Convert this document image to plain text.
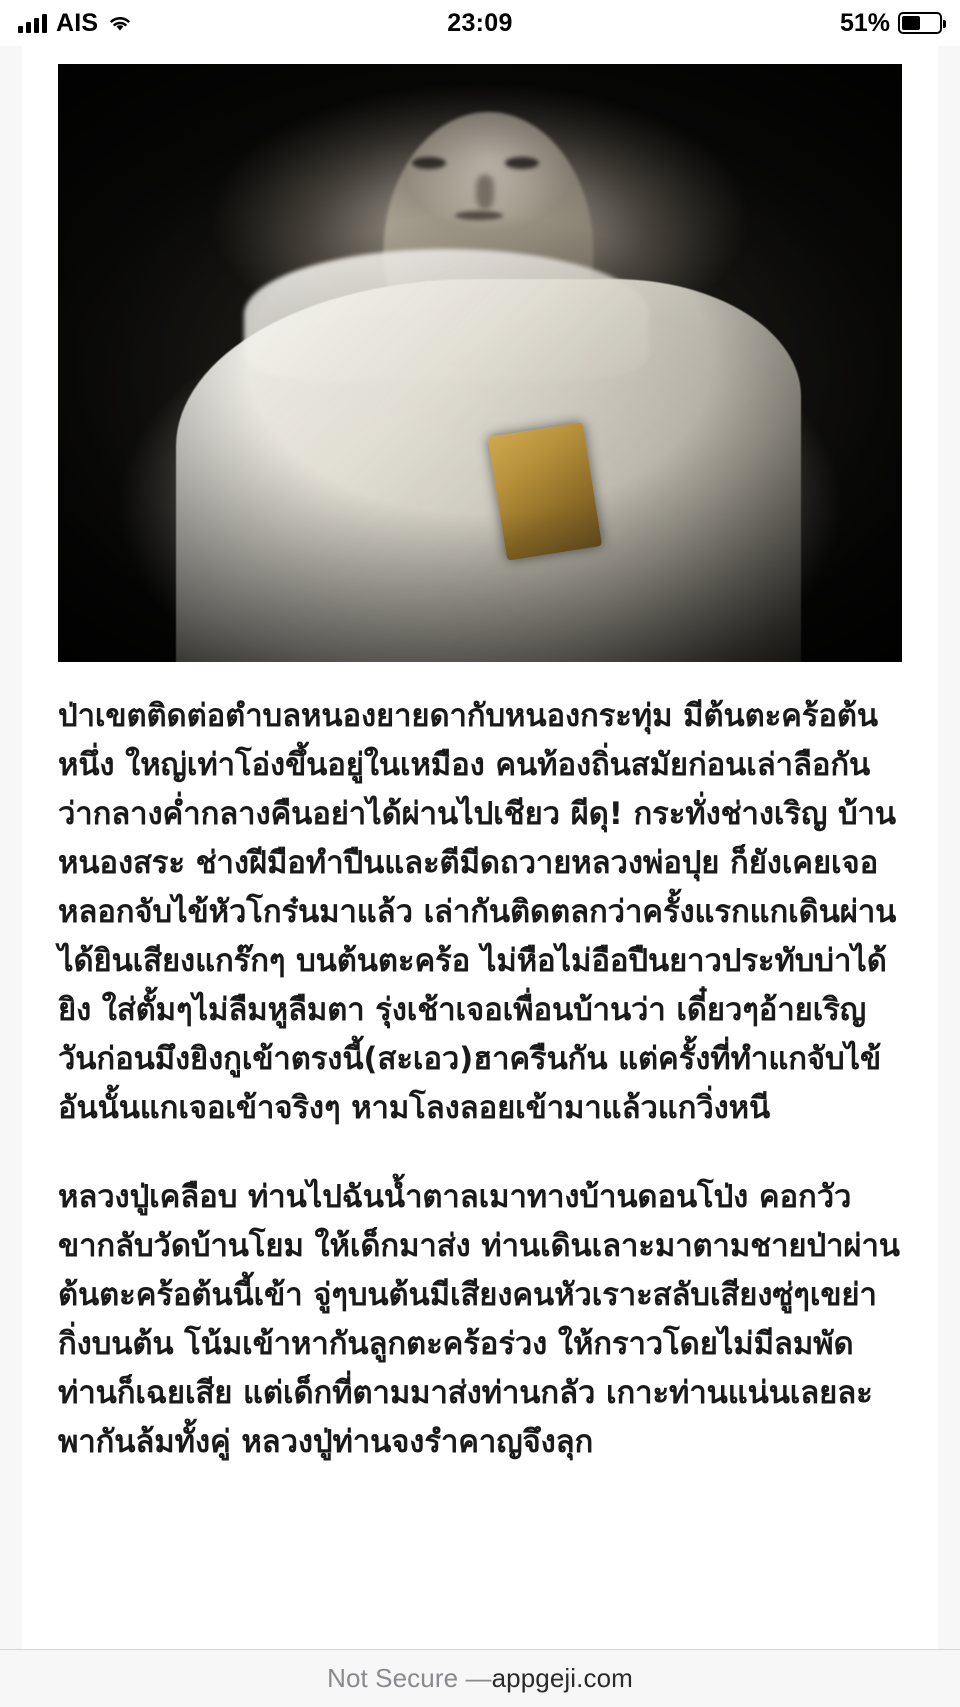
AIS	23:09	51%

ป่าเขตติดต่อตำบลหนองยายดากับหนองกระทุ่ม มีต้นตะคร้อต้นหนึ่ง ใหญ่เท่าโอ่งขึ้นอยู่ในเหมือง คนท้องถิ่นสมัยก่อนเล่าลือกันว่ากลางค่ำกลางคืนอย่าได้ผ่านไปเชียว ผีดุ! กระทั่งช่างเริญ บ้านหนองสระ ช่างฝีมือทำปืนและตีมีดถวายหลวงพ่อปุย ก็ยังเคยเจอหลอกจับไข้หัวโกร๋นมาแล้ว เล่ากันติดตลกว่าครั้งแรกแกเดินผ่านได้ยินเสียงแกร๊กๆ บนต้นตะคร้อ ไม่หือไม่อือปืนยาวประทับบ่าได้ยิง ใส่ตั้มๆไม่ลืมหูลืมตา รุ่งเช้าเจอเพื่อนบ้านว่า เดี๋ยวๆอ้ายเริญ วันก่อนมึงยิงกูเข้าตรงนี้(สะเอว)ฮาครืนกัน แต่ครั้งที่ทำแกจับไข้ อันนั้นแกเจอเข้าจริงๆ หามโลงลอยเข้ามาแล้วแกวิ่งหนี

หลวงปู่เคลือบ ท่านไปฉันน้ำตาลเมาทางบ้านดอนโป่ง คอกวัว ขากลับวัดบ้านโยม ให้เด็กมาส่ง ท่านเดินเลาะมาตามชายป่าผ่านต้นตะคร้อต้นนี้เข้า จู่ๆบนต้นมีเสียงคนหัวเราะสลับเสียงซู่ๆเขย่ากิ่งบนต้น โน้มเข้าหากันลูกตะคร้อร่วง ให้กราวโดยไม่มีลมพัด ท่านก็เฉยเสีย แต่เด็กที่ตามมาส่งท่านกลัว เกาะท่านแน่นเลยละพากันล้มทั้งคู่ หลวงปู่ท่านจงรำคาญจึงลุก

Not Secure — appgeji.com
